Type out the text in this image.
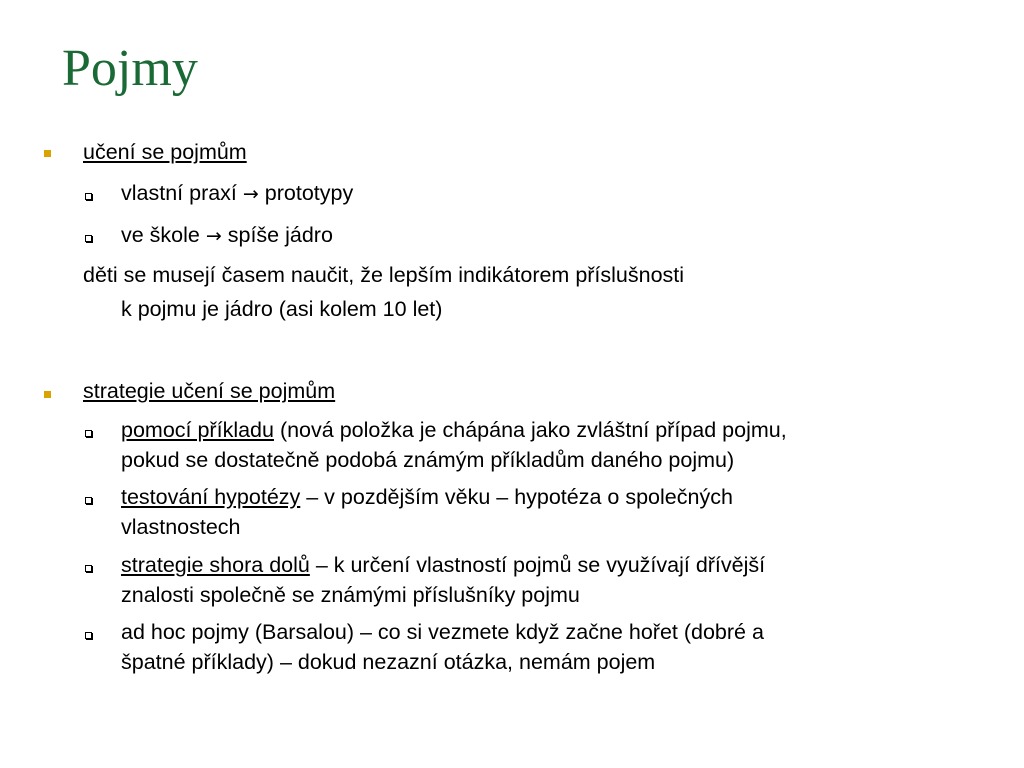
Pojmy
učení se pojmům
vlastní praxí → prototypy
ve škole → spíše jádro
děti se musejí časem naučit, že lepším indikátorem příslušnosti
k pojmu je jádro (asi kolem 10 let)
strategie učení se pojmům
pomocí příkladu (nová položka je chápána jako zvláštní případ pojmu,
pokud se dostatečně podobá známým příkladům daného pojmu)
testování hypotézy – v pozdějším věku – hypotéza o společných
vlastnostech
strategie shora dolů – k určení vlastností pojmů se využívají dřívější
znalosti společně se známými příslušníky pojmu
ad hoc pojmy (Barsalou) – co si vezmete když začne hořet (dobré a
špatné příklady) – dokud nezazní otázka, nemám pojem
